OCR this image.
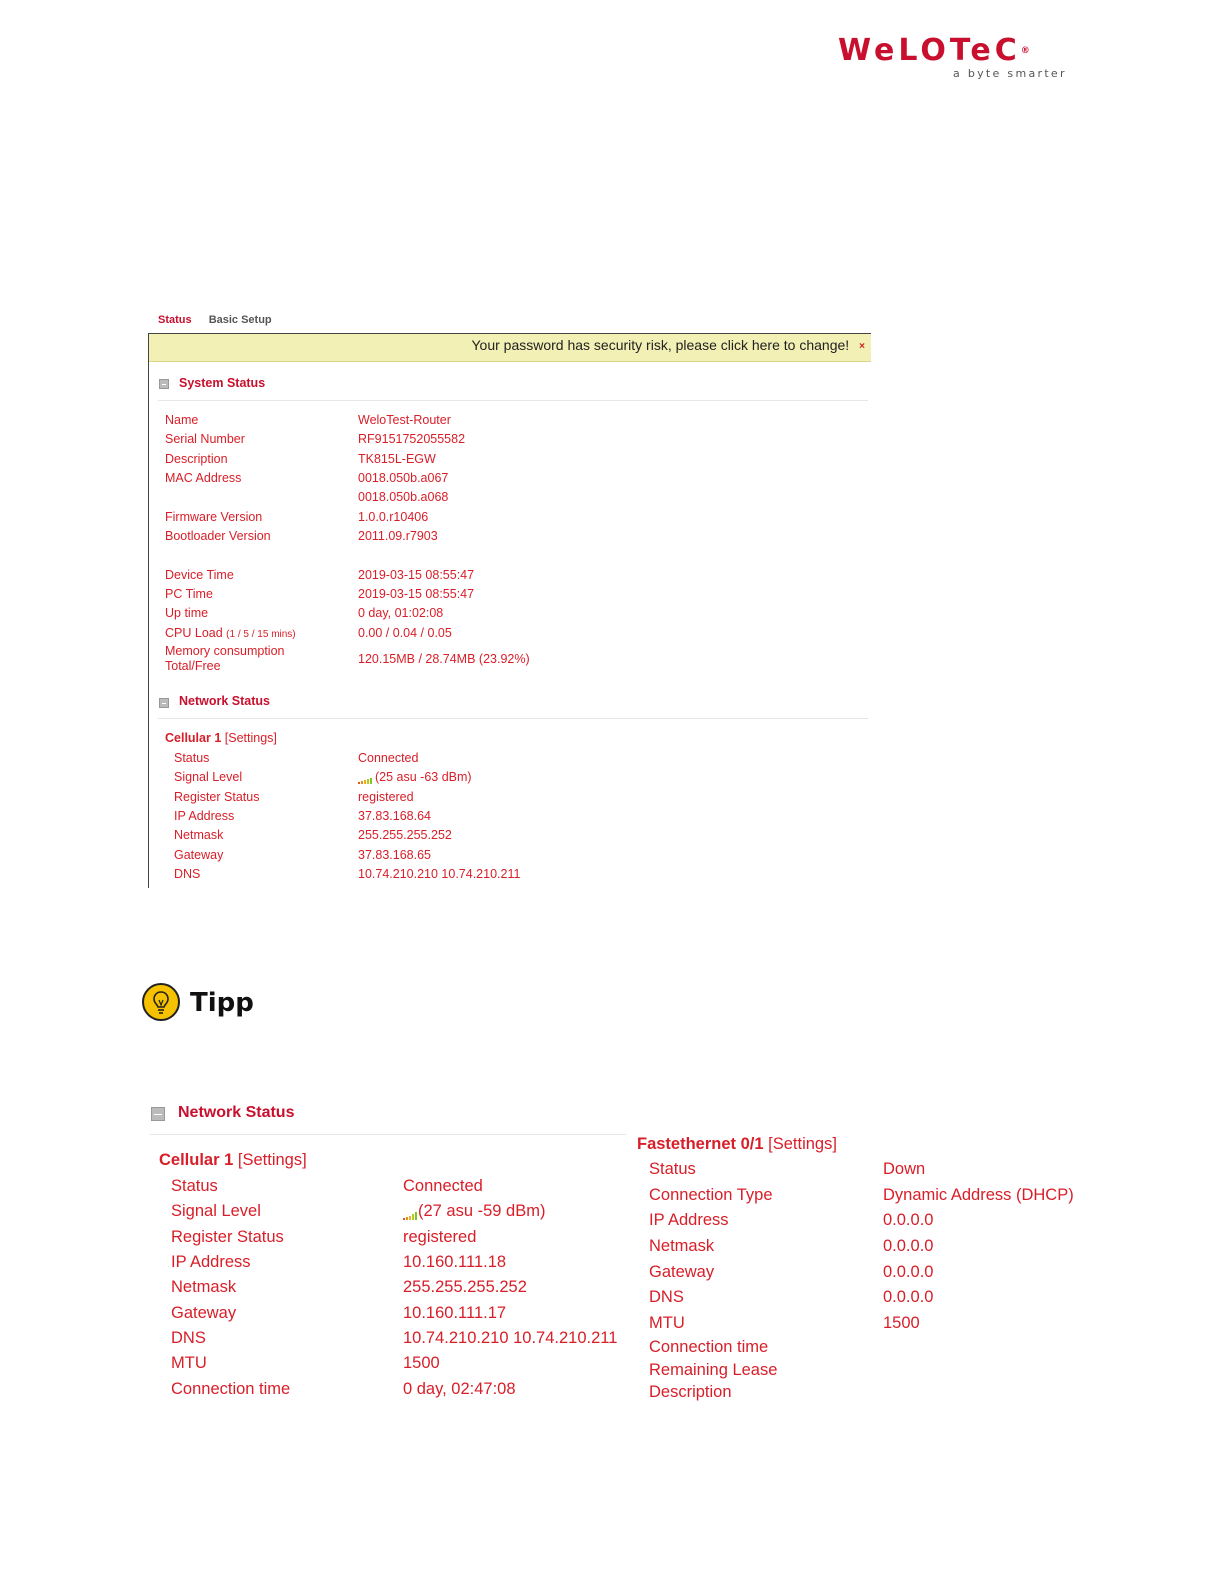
WeLOTeC®
a byte smarter
Status Basic Setup
Your password has security risk, please click here to change! ×
System Status
Name	WeloTest-Router
Serial Number	RF9151752055582
Description	TK815L-EGW
MAC Address	0018.050b.a067
0018.050b.a068
Firmware Version	1.0.0.r10406
Bootloader Version	2011.09.r7903
Device Time	2019-03-15 08:55:47
PC Time	2019-03-15 08:55:47
Up time	0 day, 01:02:08
CPU Load (1 / 5 / 15 mins)	0.00 / 0.04 / 0.05
Memory consumption
Total/Free	120.15MB / 28.74MB (23.92%)
Network Status
Cellular 1 [Settings]
Status	Connected
Signal Level	(25 asu -63 dBm)
Register Status	registered
IP Address	37.83.168.64
Netmask	255.255.255.252
Gateway	37.83.168.65
DNS	10.74.210.210 10.74.210.211
Tipp
Network Status
Cellular 1 [Settings]
Status	Connected
Signal Level	(27 asu -59 dBm)
Register Status	registered
IP Address	10.160.111.18
Netmask	255.255.255.252
Gateway	10.160.111.17
DNS	10.74.210.210 10.74.210.211
MTU	1500
Connection time	0 day, 02:47:08
Fastethernet 0/1 [Settings]
Status	Down
Connection Type	Dynamic Address (DHCP)
IP Address	0.0.0.0
Netmask	0.0.0.0
Gateway	0.0.0.0
DNS	0.0.0.0
MTU	1500
Connection time
Remaining Lease
Description
